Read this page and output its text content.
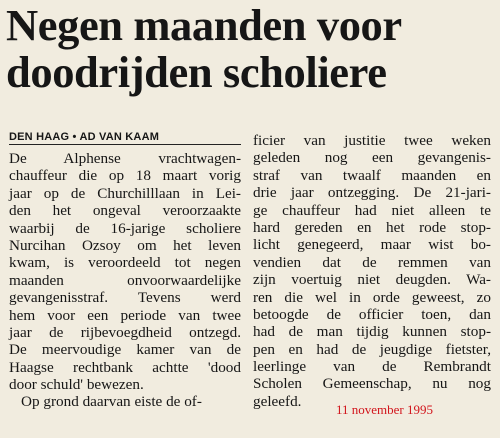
Negen maanden voor
doodrijden scholiere
DEN HAAG • AD VAN KAAM
De Alphense vrachtwagen-
chauffeur die op 18 maart vorig
jaar op de Churchilllaan in Lei-
den het ongeval veroorzaakte
waarbij de 16-jarige scholiere
Nurcihan Ozsoy om het leven
kwam, is veroordeeld tot negen
maanden onvoorwaardelijke
gevangenisstraf. Tevens werd
hem voor een periode van twee
jaar de rijbevoegdheid ontzegd.
De meervoudige kamer van de
Haagse rechtbank achtte 'dood
door schuld' bewezen.
Op grond daarvan eiste de of-
ficier van justitie twee weken
geleden nog een gevangenis-
straf van twaalf maanden en
drie jaar ontzegging. De 21-jari-
ge chauffeur had niet alleen te
hard gereden en het rode stop-
licht genegeerd, maar wist bo-
vendien dat de remmen van
zijn voertuig niet deugden. Wa-
ren die wel in orde geweest, zo
betoogde de officier toen, dan
had de man tijdig kunnen stop-
pen en had de jeugdige fietster,
leerlinge van de Rembrandt
Scholen Gemeenschap, nu nog
geleefd.	11 november 1995
